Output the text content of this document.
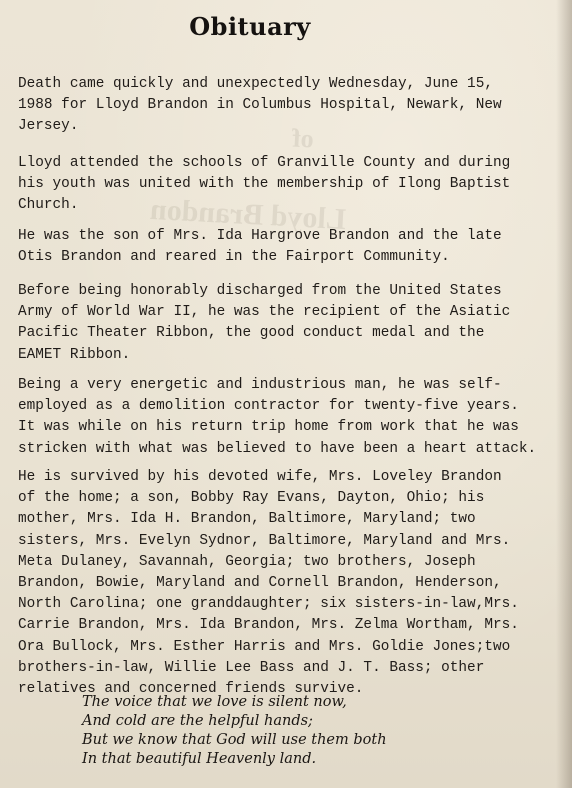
of
Lloyd Brandon
Obituary

Death came quickly and unexpectedly Wednesday, June 15,
1988 for Lloyd Brandon in Columbus Hospital, Newark, New
Jersey.

Lloyd attended the schools of Granville County and during
his youth was united with the membership of Ilong Baptist
Church.

He was the son of Mrs. Ida Hargrove Brandon and the late
Otis Brandon and reared in the Fairport Community.

Before being honorably discharged from the United States
Army of World War II, he was the recipient of the Asiatic
Pacific Theater Ribbon, the good conduct medal and the
EAMET Ribbon.

Being a very energetic and industrious man, he was self-
employed as a demolition contractor for twenty-five years.
It was while on his return trip home from work that he was
stricken with what was believed to have been a heart attack.

He is survived by his devoted wife, Mrs. Loveley Brandon
of the home; a son, Bobby Ray Evans, Dayton, Ohio; his
mother, Mrs. Ida H. Brandon, Baltimore, Maryland; two
sisters, Mrs. Evelyn Sydnor, Baltimore, Maryland and Mrs.
Meta Dulaney, Savannah, Georgia; two brothers, Joseph
Brandon, Bowie, Maryland and Cornell Brandon, Henderson,
North Carolina; one granddaughter; six sisters-in-law,Mrs.
Carrie Brandon, Mrs. Ida Brandon, Mrs. Zelma Wortham, Mrs.
Ora Bullock, Mrs. Esther Harris and Mrs. Goldie Jones;two
brothers-in-law, Willie Lee Bass and J. T. Bass; other
relatives and concerned friends survive.

The voice that we love is silent now,
And cold are the helpful hands;
But we know that God will use them both
In that beautiful Heavenly land.
